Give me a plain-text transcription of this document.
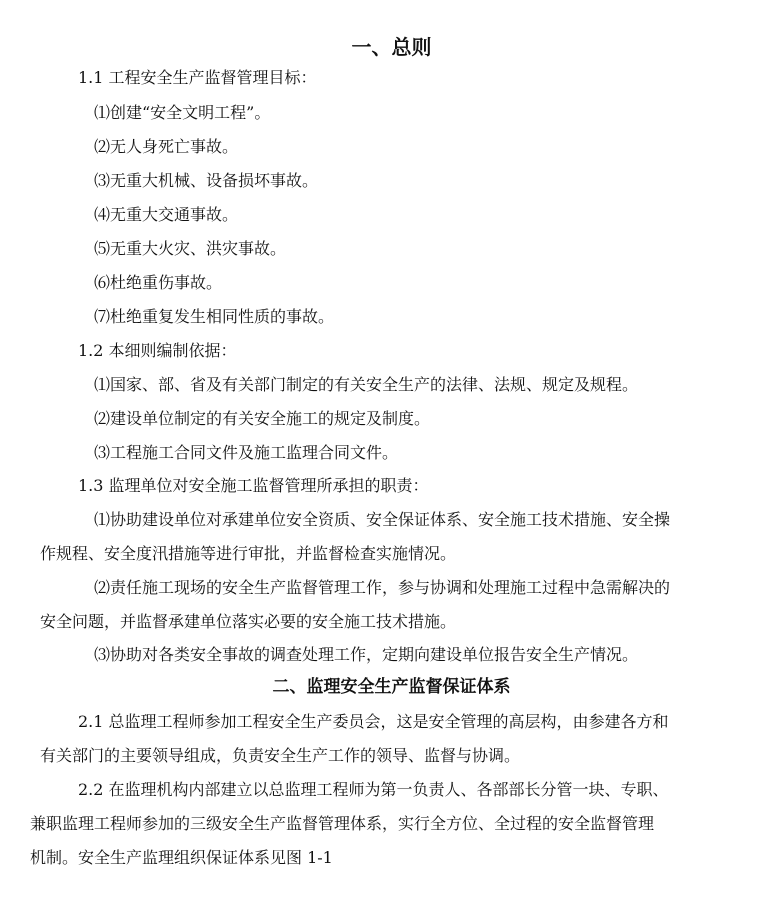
一、总则
1.1 工程安全生产监督管理目标：
⑴创建“安全文明工程”。
⑵无人身死亡事故。
⑶无重大机械、设备损坏事故。
⑷无重大交通事故。
⑸无重大火灾、洪灾事故。
⑹杜绝重伤事故。
⑺杜绝重复发生相同性质的事故。
1.2 本细则编制依据：
⑴国家、部、省及有关部门制定的有关安全生产的法律、法规、规定及规程。
⑵建设单位制定的有关安全施工的规定及制度。
⑶工程施工合同文件及施工监理合同文件。
1.3 监理单位对安全施工监督管理所承担的职责：
⑴协助建设单位对承建单位安全资质、安全保证体系、安全施工技术措施、安全操
作规程、安全度汛措施等进行审批，并监督检查实施情况。
⑵责任施工现场的安全生产监督管理工作，参与协调和处理施工过程中急需解决的
安全问题，并监督承建单位落实必要的安全施工技术措施。
⑶协助对各类安全事故的调查处理工作，定期向建设单位报告安全生产情况。
二、监理安全生产监督保证体系
2.1 总监理工程师参加工程安全生产委员会，这是安全管理的高层构，由参建各方和
有关部门的主要领导组成，负责安全生产工作的领导、监督与协调。
2.2 在监理机构内部建立以总监理工程师为第一负责人、各部部长分管一块、专职、
兼职监理工程师参加的三级安全生产监督管理体系，实行全方位、全过程的安全监督管理
机制。安全生产监理组织保证体系见图 1-1
